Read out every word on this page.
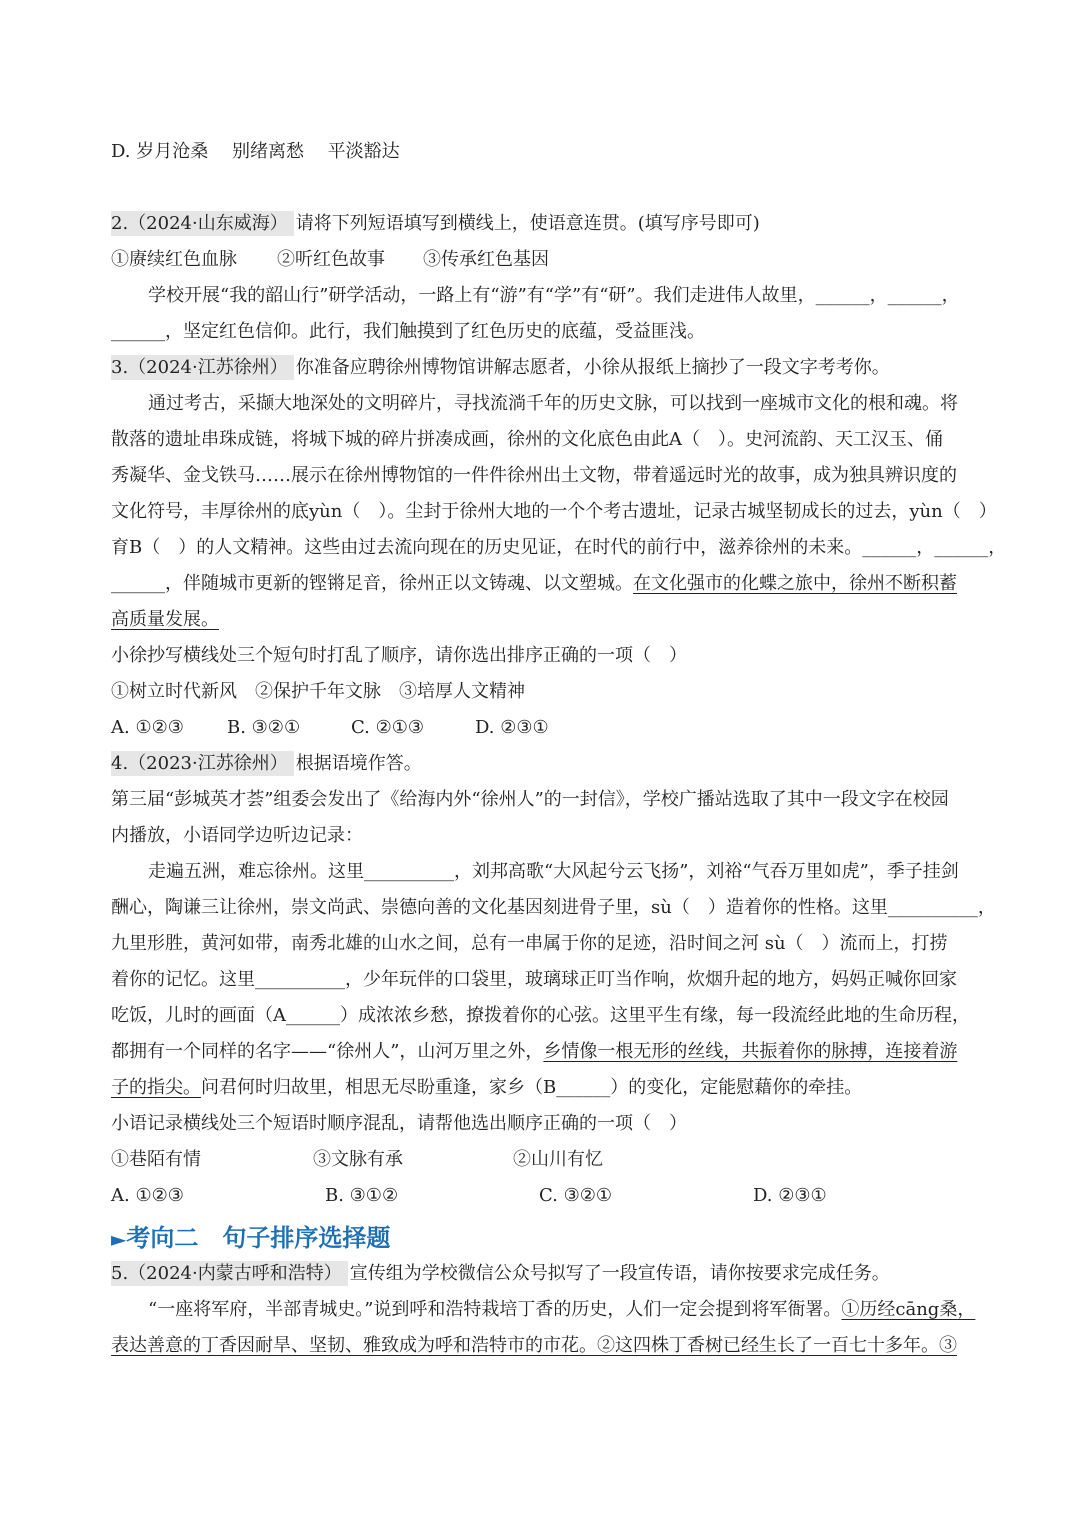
D. 岁月沧桑　 别绪离愁　 平淡豁达
2.（2024·山东威海） 请将下列短语填写到横线上，使语意连贯。(填写序号即可)
①赓续红色血脉 ②听红色故事 ③传承红色基因
学校开展“我的韶山行”研学活动，一路上有“游”有“学”有“研”。我们走进伟人故里，______，______，
______，坚定红色信仰。此行，我们触摸到了红色历史的底蕴，受益匪浅。
3.（2024·江苏徐州） 你准备应聘徐州博物馆讲解志愿者，小徐从报纸上摘抄了一段文字考考你。
通过考古，采撷大地深处的文明碎片，寻找流淌千年的历史文脉，可以找到一座城市文化的根和魂。将
散落的遗址串珠成链，将城下城的碎片拼凑成画，徐州的文化底色由此A（　）。史河流韵、天工汉玉、俑
秀凝华、金戈铁马……展示在徐州博物馆的一件件徐州出土文物，带着遥远时光的故事，成为独具辨识度的
文化符号，丰厚徐州的底yùn（　）。尘封于徐州大地的一个个考古遗址，记录古城坚韧成长的过去，yùn（　）
育B（　）的人文精神。这些由过去流向现在的历史见证，在时代的前行中，滋养徐州的未来。______，______，
______，伴随城市更新的铿锵足音，徐州正以文铸魂、以文塑城。在文化强市的化蝶之旅中，徐州不断积蓄
高质量发展。
小徐抄写横线处三个短句时打乱了顺序，请你选出排序正确的一项（　）
①树立时代新风　②保护千年文脉　③培厚人文精神
A. ①②③ B. ③②①	C. ②①③	D. ②③①
4.（2023·江苏徐州） 根据语境作答。
第三届“彭城英才荟”组委会发出了《给海内外“徐州人”的一封信》，学校广播站选取了其中一段文字在校园
内播放，小语同学边听边记录：
走遍五洲，难忘徐州。这里__________，刘邦高歌“大风起兮云飞扬”，刘裕“气吞万里如虎”，季子挂剑
酬心，陶谦三让徐州，崇文尚武、崇德向善的文化基因刻进骨子里，sù（　）造着你的性格。这里__________，
九里形胜，黄河如带，南秀北雄的山水之间，总有一串属于你的足迹，沿时间之河 sù（　）流而上，打捞
着你的记忆。这里__________，少年玩伴的口袋里，玻璃球正叮当作响，炊烟升起的地方，妈妈正喊你回家
吃饭，儿时的画面（A______）成浓浓乡愁，撩拨着你的心弦。这里平生有缘，每一段流经此地的生命历程，
都拥有一个同样的名字——“徐州人”，山河万里之外，乡情像一根无形的丝线，共振着你的脉搏，连接着游
子的指尖。问君何时归故里，相思无尽盼重逢，家乡（B______）的变化，定能慰藉你的牵挂。
小语记录横线处三个短语时顺序混乱，请帮他选出顺序正确的一项（　）
①巷陌有情	③文脉有承	②山川有忆
A. ①②③	B. ③①②	C. ③②①	D. ②③①
►考向二　句子排序选择题
5.（2024·内蒙古呼和浩特） 宣传组为学校微信公众号拟写了一段宣传语，请你按要求完成任务。
“一座将军府，半部青城史。”说到呼和浩特栽培丁香的历史，人们一定会提到将军衙署。①历经cāng桑，
表达善意的丁香因耐旱、坚韧、雅致成为呼和浩特市的市花。②这四株丁香树已经生长了一百七十多年。③
